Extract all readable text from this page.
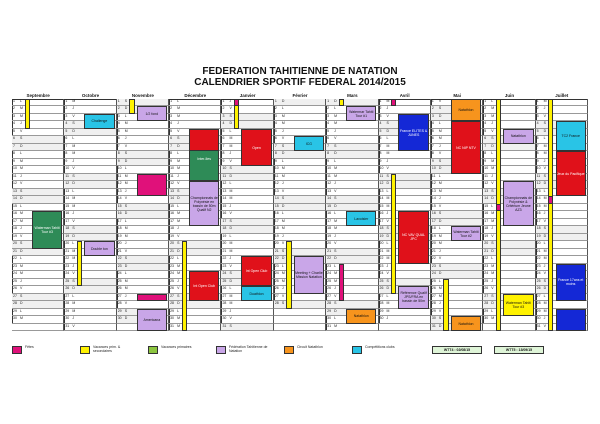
FEDERATION TAHITIENNE DE NATATION
CALENDRIER SPORTIF FEDERAL 2014/2015
Septembre
1	L
2	M
3	M
4	J
5	V
6	S
7	D
8	L
9	M
10 M
11 J
12 V
13 S
14 D
15 L
16 M
17 M
18 J
19 V
20 S
21 D
22 L
23 M
24 M
25 J
26 V
27 S
28 D
29 L
30 M
Octobre
1	M
2	J
3	V
4	S
5	D
6	L
7	M
8	M
9	J
10 V
11 S
12 D
13 L
14 M
15 M
16 J
17 V
18 S
19 D
20 L
21 M
22 M
23 J
24 V
25 S
26 D
27 L
28 M
29 M
30 J
31 V
Novembre
1	S
2	D
3	L
4	M
5	M
6	J
7	V
8	S
9	D
10 L
11 M
12 M
13 J
14 V
15 S
16 D
17 L
18 M
19 M
20 J
21 V
22 S
23 D
24 L
25 M
26 M
27 J
28 V
29 S
30 D
Décembre
1	L
2	M
3	M
4	J
5	V
6	S
7	D
8	L
9	M
10 M
11 J
12 V
13 S
14 D
15 L
16 M
17 M
18 J
19 V
20 S
21 D
22 L
23 M
24 M
25 J
26 V
27 S
28 D
29 L
30 M
31 M
Janvier
1	J
2	V
3	S
4	D
5	L
6	M
7	M
8	J
9	V
10 S
11 D
12 L
13 M
14 M
15 J
16 V
17 S
18 D
19 L
20 M
21 M
22 J
23 V
24 S
25 D
26 L
27 M
28 M
29 J
30 V
31 S
Février
1	D
2	L
3	M
4	M
5	J
6	V
7	S
8	D
9	L
10 M
11 M
12 J
13 V
14 S
15 D
16 L
17 M
18 M
19 J
20 V
21 S
22 D
23 L
24 M
25 M
26 J
27 V
28 S
Mars
1	D
2	L
3	M
4	M
5	J
6	V
7	S
8	D
9	L
10 M
11 M
12 J
13 V
14 S
15 D
16 L
17 M
18 M
19 J
20 V
21 S
22 D
23 L
24 M
25 M
26 J
27 V
28 S
29 D
30 L
31 M
Avril
1	M
2	J
3	V
4	S
5	D
6	L
7	M
8	M
9	J
10 V
11 S
12 D
13 L
14 M
15 M
16 J
17 V
18 S
19 D
20 L
21 M
22 M
23 J
24 V
25 S
26 D
27 L
28 M
29 M
30 J
Mai
1	V
2	S
3	D
4	L
5	M
6	M
7	J
8	V
9	S
10 D
11 L
12 M
13 M
14 J
15 V
16 S
17 D
18 L
19 M
20 M
21 J
22 V
23 S
24 D
25 L
26 M
27 M
28 J
29 V
30 S
31 D
Juin
1	L
2	M
3	M
4	J
5	V
6	S
7	D
8	L
9	M
10 M
11 J
12 V
13 S
14 D
15 L
16 M
17 M
18 J
19 V
20 S
21 D
22 L
23 M
24 M
25 J
26 V
27 S
28 D
29 L
30 M
Juillet
1	M
2	J
3	V
4	S
5	D
6	L
7	M
8	M
9	J
10 V
11 S
12 D
13 L
14 M
15 M
16 J
17 V
18 S
19 D
20 L
21 M
22 M
23 J
24 V
25 S
26 D
27 L
28 M
29 M
30 J
31 V
Challenge
1/2 fond
Inter-Iles
Open
Watermar Tahiti Tour #1
France ELITES & JUNES
Natathlon
NC NIP NTV
Natathlon	TC2 France
Jeux du Pacifique
ICG
Championnats de Polynésie en bassin de 50m Qualif N2
Championnats de Polynésie & Critérium Jeune AZ3
Waterman Tahiti Tour #3
Lavoisier
NC VAV QUAL JPC
Waterman Tahiti Tour #2
Double ton
Int Open Club	Meeting + Charlie Mission Natation
Int Open Club
Référence Qualif JPS/FRA en bassin de 50m
France 17ans et moins
Duathlon
Waterman Tahiti Tour #3
Americana
Natathlon
Natathlon
Fêtes	Vacances prim. & secondaires
Vacances primaires	Fédération Tahitienne de Natation
Circuit Natathlon	Compétitions clubs
WTT4 : 02/08/15	WTT5 : 13/09/15
